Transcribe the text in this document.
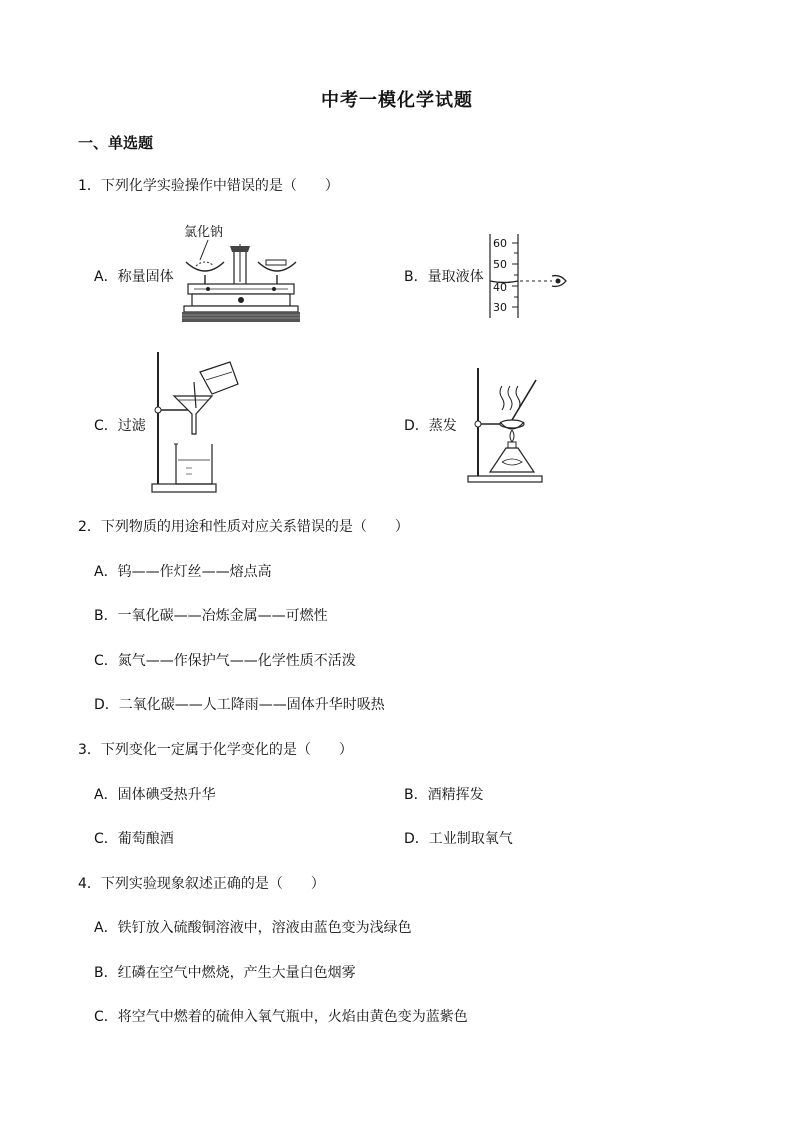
中考一模化学试题
一、单选题
1．下列化学实验操作中错误的是（　　）
A．称量固体
氯化钠
B．量取液体
60
50
40
30
C．过滤	D．蒸发
2．下列物质的用途和性质对应关系错误的是（　　）
A．钨——作灯丝——熔点高
B．一氧化碳——冶炼金属——可燃性
C．氮气——作保护气——化学性质不活泼
D．二氧化碳——人工降雨——固体升华时吸热
3．下列变化一定属于化学变化的是（　　）
A．固体碘受热升华	B．酒精挥发
C．葡萄酿酒	D．工业制取氧气
4．下列实验现象叙述正确的是（　　）
A．铁钉放入硫酸铜溶液中，溶液由蓝色变为浅绿色
B．红磷在空气中燃烧，产生大量白色烟雾
C．将空气中燃着的硫伸入氧气瓶中，火焰由黄色变为蓝紫色
